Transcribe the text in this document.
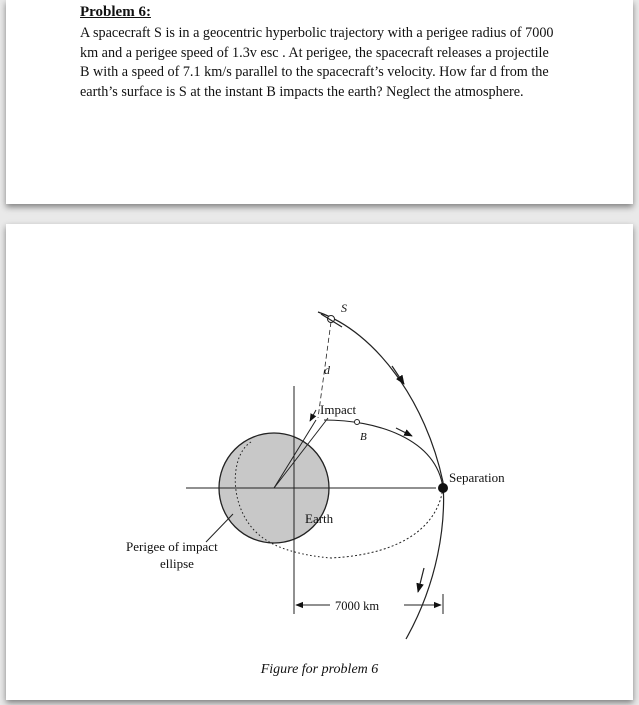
Problem 6:
A spacecraft S is in a geocentric hyperbolic trajectory with a perigee radius of 7000 km and a perigee speed of 1.3v esc . At perigee, the spacecraft releases a projectile B with a speed of 7.1 km/s parallel to the spacecraft’s velocity. How far d from the earth’s surface is S at the instant B impacts the earth? Neglect the atmosphere.
S
d
Impact
B
Separation
Earth
Perigee of impact
ellipse
7000 km
Figure for problem 6
